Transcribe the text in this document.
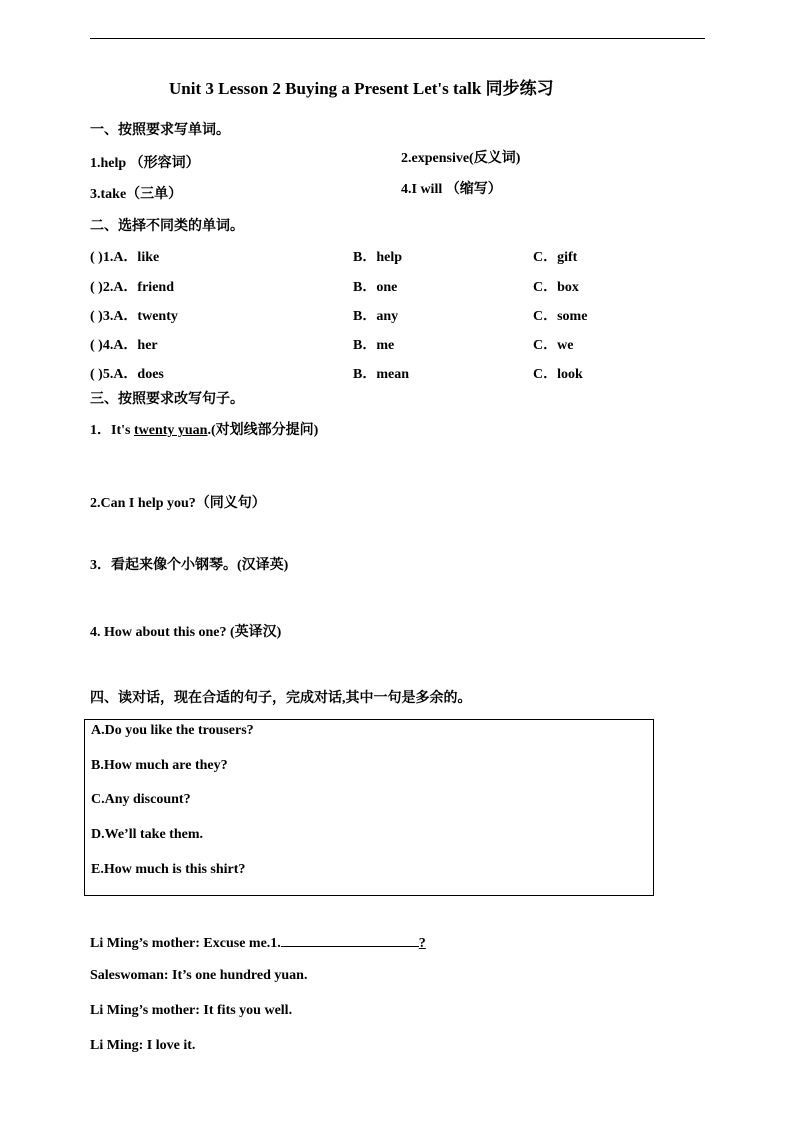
Unit 3 Lesson 2 Buying a Present Let's talk 同步练习
一、按照要求写单词。
1.help （形容词）	2.expensive(反义词)
3.take（三单）	4.I will （缩写）
二、选择不同类的单词。
( )1.A．like	B．help	C．gift
( )2.A．friend	B．one	C．box
( )3.A．twenty	B．any	C．some
( )4.A．her	B．me	C．we
( )5.A．does	B．mean	C．look
三、按照要求改写句子。
1．It's twenty yuan.(对划线部分提问)
2.Can I help you?（同义句）
3．看起来像个小钢琴。(汉译英)
4. How about this one? (英译汉)
四、读对话，现在合适的句子，完成对话,其中一句是多余的。
A.Do you like the trousers?
B.How much are they?
C.Any discount?
D.We’ll take them.
E.How much is this shirt?
Li Ming’s mother: Excuse me.1.	?
Saleswoman: It’s one hundred yuan.
Li Ming’s mother: It fits you well.
Li Ming: I love it.
